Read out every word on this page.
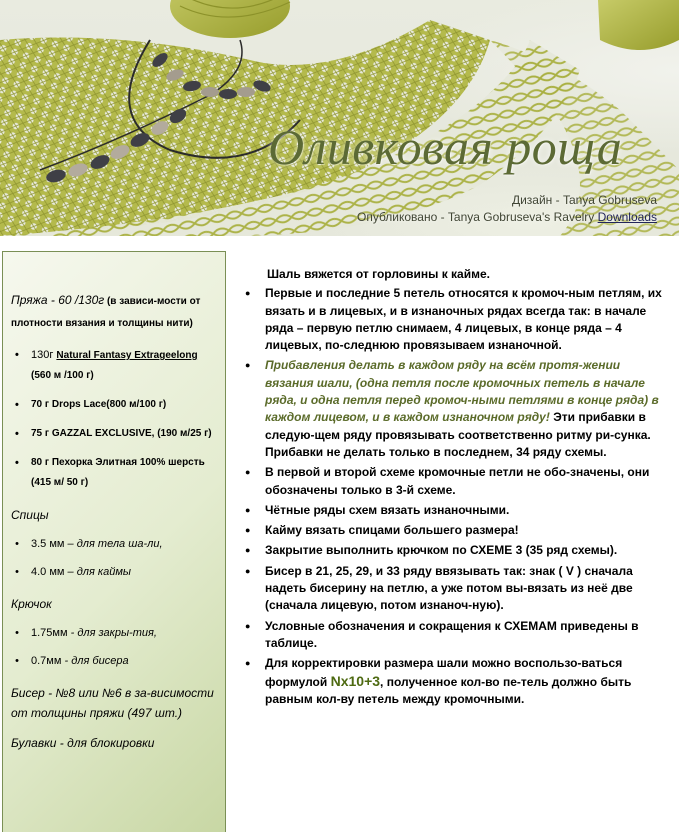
Оливковая роща
Дизайн - Tanya Gobruseva
Опубликовано - Tanya Gobruseva's Ravelry Downloads

Пряжа - 60 /130г (в зависи-мости от плотности вязания и толщины нити)

• 130г Natural Fantasy Extrageelong (560 м /100 г)
• 70 г Drops Lace(800 м/100 г)
• 75 г GAZZAL EXCLUSIVE, (190 м/25 г)
• 80 г Пехорка Элитная 100% шерсть (415 м/ 50 г)

Спицы

• 3.5 мм – для тела ша-ли,
• 4.0 мм – для каймы

Крючок

• 1.75мм - для закры-тия,
• 0.7мм - для бисера

Бисер - №8 или №6 в за-висимости от толщины пряжи (497 шт.)

Булавки - для блокировки

Шаль вяжется от горловины к кайме.

● Первые и последние 5 петель относятся к кромоч-ным петлям, их вязать и в лицевых, и в изнаночных рядах всегда так: в начале ряда – первую петлю снимаем, 4 лицевых, в конце ряда – 4 лицевых, по-следнюю провязываем изнаночной.
● Прибавления делать в каждом ряду на всём протя-жении вязания шали, (одна петля после кромочных петель в начале ряда, и одна петля перед кромоч-ными петлями в конце ряда) в каждом лицевом, и в каждом изнаночном ряду! Эти прибавки в следую-щем ряду провязывать соответственно ритму ри-сунка. Прибавки не делать только в последнем, 34 ряду схемы.
● В первой и второй схеме кромочные петли не обо-значены, они обозначены только в 3-й схеме.
● Чётные ряды схем вязать изнаночными.
● Кайму вязать спицами большего размера!
● Закрытие выполнить крючком по СХЕМЕ 3 (35 ряд схемы).
● Бисер в 21, 25, 29, и 33 ряду ввязывать так: знак ( V ) сначала надеть бисерину на петлю, а уже потом вы-вязать из неё две (сначала лицевую, потом изнаноч-ную).
● Условные обозначения и сокращения к СХЕМАМ приведены в таблице.
● Для корректировки размера шали можно воспользо-ваться формулой Nx10+3, полученное кол-во пе-тель должно быть равным кол-ву петель между кромочными.
